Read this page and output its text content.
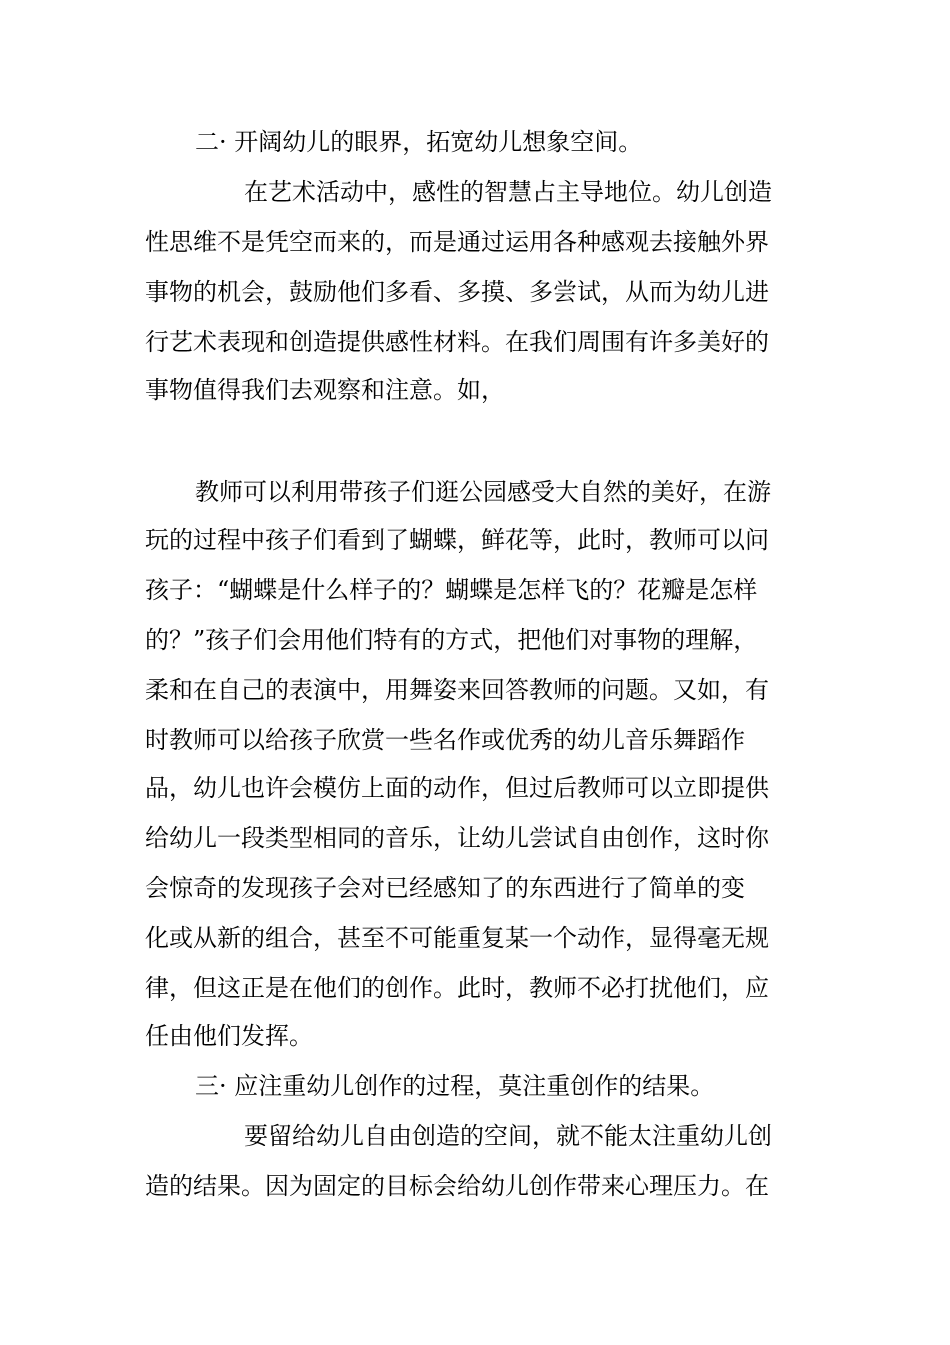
二· 开阔幼儿的眼界，拓宽幼儿想象空间。
在艺术活动中，感性的智慧占主导地位。幼儿创造
性思维不是凭空而来的，而是通过运用各种感观去接触外界
事物的机会，鼓励他们多看、多摸、多尝试，从而为幼儿进
行艺术表现和创造提供感性材料。在我们周围有许多美好的
事物值得我们去观察和注意。如，
教师可以利用带孩子们逛公园感受大自然的美好，在游
玩的过程中孩子们看到了蝴蝶，鲜花等，此时，教师可以问
孩子：“蝴蝶是什么样子的？蝴蝶是怎样飞的？花瓣是怎样
的？”孩子们会用他们特有的方式，把他们对事物的理解，
柔和在自己的表演中，用舞姿来回答教师的问题。又如，有
时教师可以给孩子欣赏一些名作或优秀的幼儿音乐舞蹈作
品，幼儿也许会模仿上面的动作，但过后教师可以立即提供
给幼儿一段类型相同的音乐，让幼儿尝试自由创作，这时你
会惊奇的发现孩子会对已经感知了的东西进行了简单的变
化或从新的组合，甚至不可能重复某一个动作，显得毫无规
律，但这正是在他们的创作。此时，教师不必打扰他们，应
任由他们发挥。
三· 应注重幼儿创作的过程，莫注重创作的结果。
要留给幼儿自由创造的空间，就不能太注重幼儿创
造的结果。因为固定的目标会给幼儿创作带来心理压力。在
